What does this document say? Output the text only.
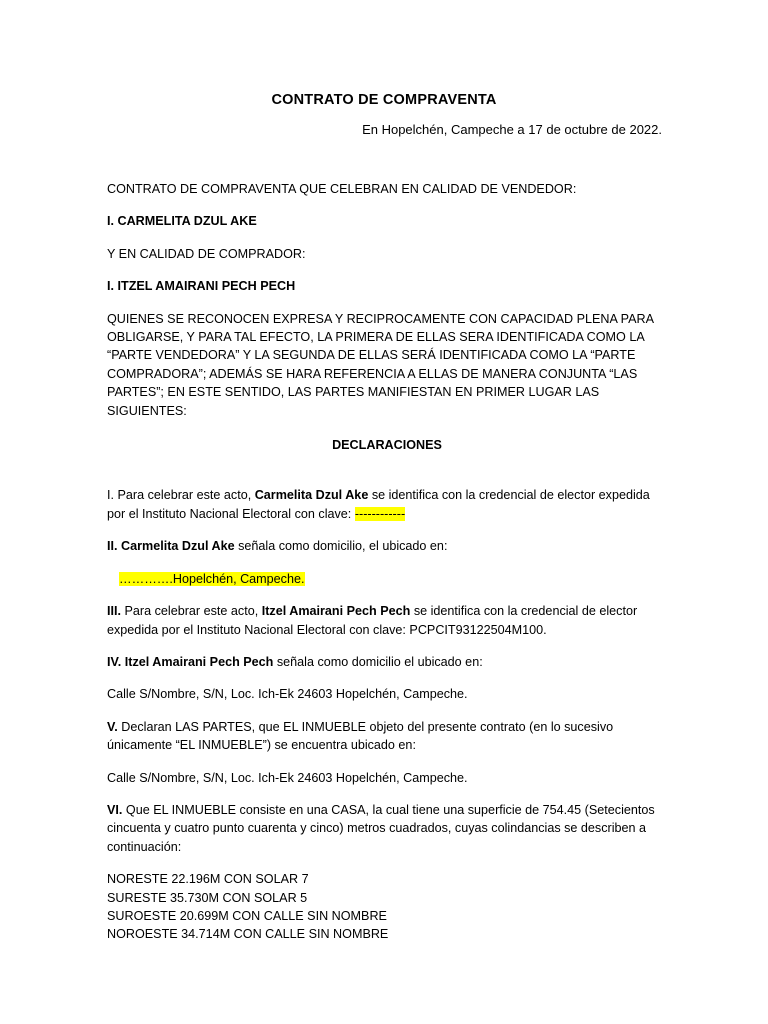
CONTRATO DE COMPRAVENTA
En Hopelchén, Campeche a 17 de octubre de 2022.

CONTRATO DE COMPRAVENTA QUE CELEBRAN EN CALIDAD DE VENDEDOR:

I. CARMELITA DZUL AKE

Y EN CALIDAD DE COMPRADOR:

I. ITZEL AMAIRANI PECH PECH

QUIENES SE RECONOCEN EXPRESA Y RECIPROCAMENTE CON CAPACIDAD PLENA PARA OBLIGARSE, Y PARA TAL EFECTO, LA PRIMERA DE ELLAS SERA IDENTIFICADA COMO LA “PARTE VENDEDORA” Y LA SEGUNDA DE ELLAS SERÁ IDENTIFICADA COMO LA “PARTE COMPRADORA”; ADEMÁS SE HARA REFERENCIA A ELLAS DE MANERA CONJUNTA “LAS PARTES”; EN ESTE SENTIDO, LAS PARTES MANIFIESTAN EN PRIMER LUGAR LAS SIGUIENTES:

DECLARACIONES

I. Para celebrar este acto, Carmelita Dzul Ake se identifica con la credencial de elector expedida por el Instituto Nacional Electoral con clave: ------------

II. Carmelita Dzul Ake señala como domicilio, el ubicado en:

………….Hopelchén, Campeche.

III. Para celebrar este acto, Itzel Amairani Pech Pech se identifica con la credencial de elector expedida por el Instituto Nacional Electoral con clave: PCPCIT93122504M100.

IV. Itzel Amairani Pech Pech señala como domicilio el ubicado en:

Calle S/Nombre, S/N, Loc. Ich-Ek 24603 Hopelchén, Campeche.

V. Declaran LAS PARTES, que EL INMUEBLE objeto del presente contrato (en lo sucesivo únicamente “EL INMUEBLE”) se encuentra ubicado en:

Calle S/Nombre, S/N, Loc. Ich-Ek 24603 Hopelchén, Campeche.

VI. Que EL INMUEBLE consiste en una CASA, la cual tiene una superficie de 754.45 (Setecientos cincuenta y cuatro punto cuarenta y cinco) metros cuadrados, cuyas colindancias se describen a continuación:

NORESTE 22.196M CON SOLAR 7

SURESTE 35.730M CON SOLAR 5

SUROESTE 20.699M CON CALLE SIN NOMBRE

NOROESTE 34.714M CON CALLE SIN NOMBRE
